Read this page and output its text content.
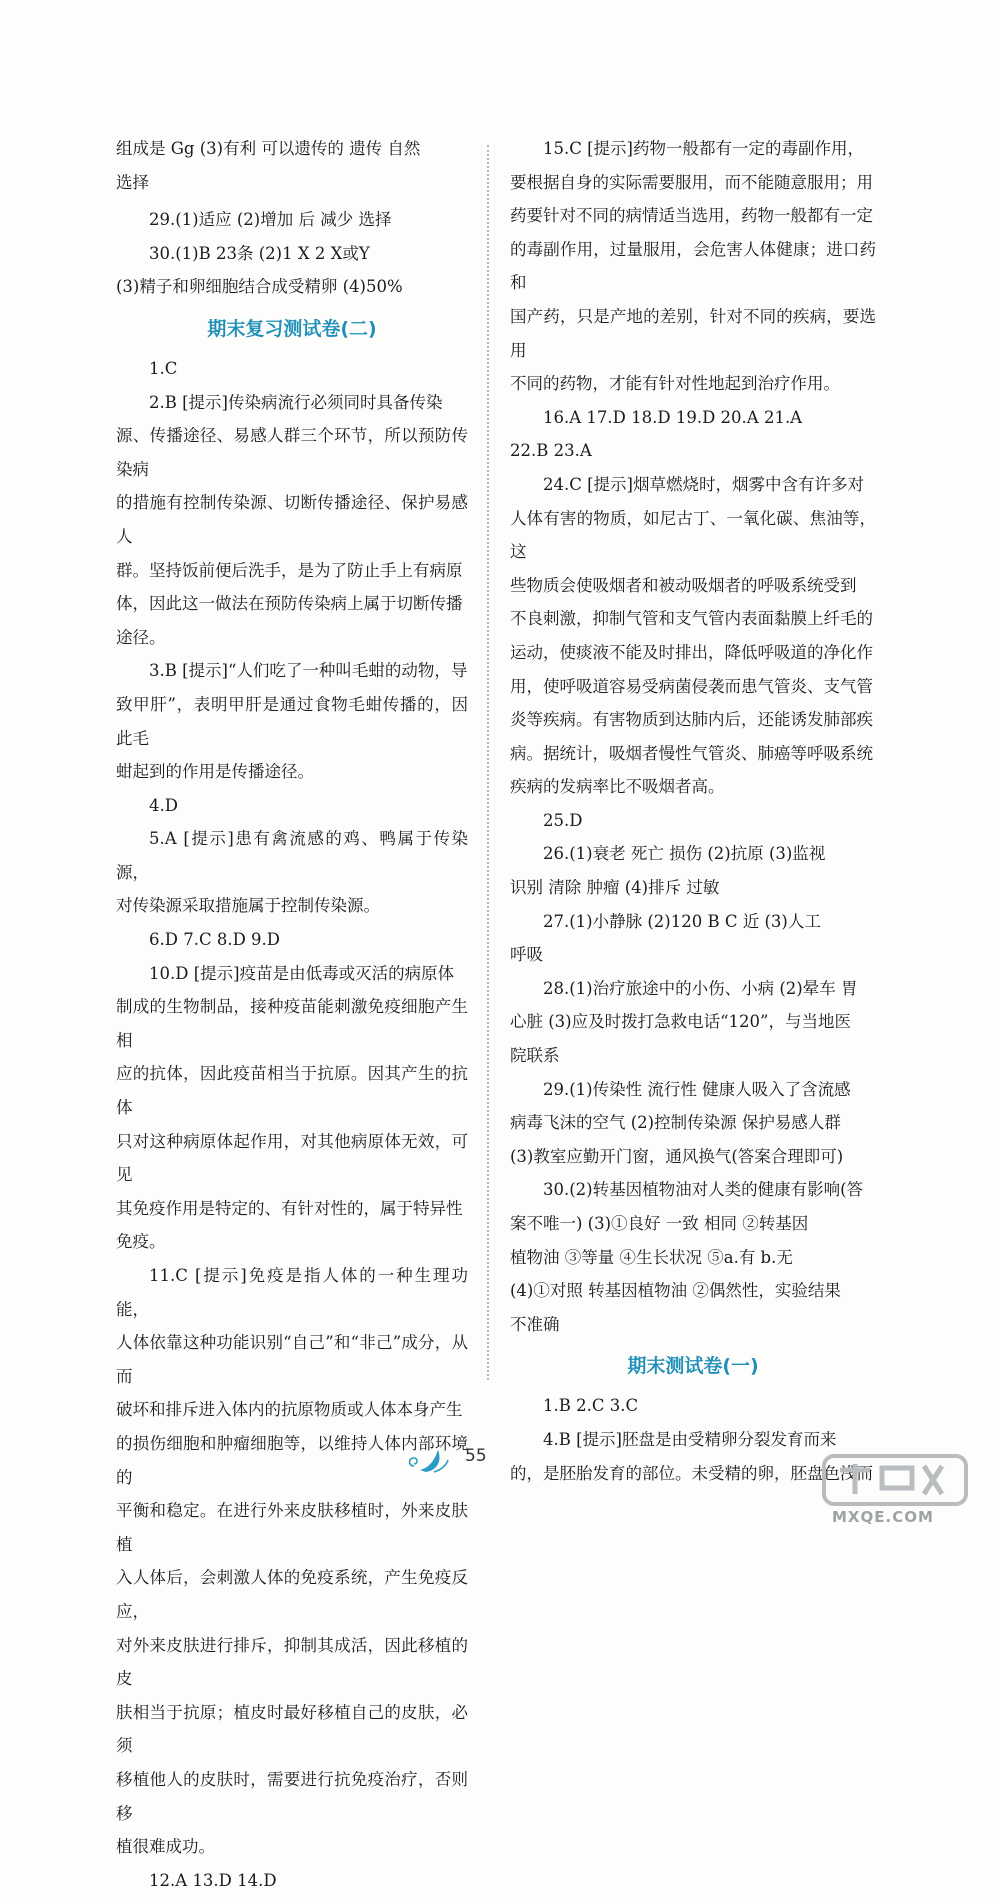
组成是 Gg (3)有利 可以遗传的 遗传 自然

选择

29.(1)适应 (2)增加 后 减少 选择

30.(1)B 23条 (2)1 X 2 X或Y

(3)精子和卵细胞结合成受精卵 (4)50%

期末复习测试卷(二)

1.C

2.B [提示]传染病流行必须同时具备传染

源、传播途径、易感人群三个环节，所以预防传染病

的措施有控制传染源、切断传播途径、保护易感人

群。坚持饭前便后洗手，是为了防止手上有病原

体，因此这一做法在预防传染病上属于切断传播

途径。

3.B [提示]“人们吃了一种叫毛蚶的动物，导

致甲肝”，表明甲肝是通过食物毛蚶传播的，因此毛

蚶起到的作用是传播途径。

4.D

5.A [提示]患有禽流感的鸡、鸭属于传染源，

对传染源采取措施属于控制传染源。

6.D 7.C 8.D 9.D

10.D [提示]疫苗是由低毒或灭活的病原体

制成的生物制品，接种疫苗能刺激免疫细胞产生相

应的抗体，因此疫苗相当于抗原。因其产生的抗体

只对这种病原体起作用，对其他病原体无效，可见

其免疫作用是特定的、有针对性的，属于特异性

免疫。

11.C [提示]免疫是指人体的一种生理功能，

人体依靠这种功能识别“自己”和“非己”成分，从而

破坏和排斥进入体内的抗原物质或人体本身产生

的损伤细胞和肿瘤细胞等，以维持人体内部环境的

平衡和稳定。在进行外来皮肤移植时，外来皮肤植

入人体后，会刺激人体的免疫系统，产生免疫反应，

对外来皮肤进行排斥，抑制其成活，因此移植的皮

肤相当于抗原；植皮时最好移植自己的皮肤，必须

移植他人的皮肤时，需要进行抗免疫治疗，否则移

植很难成功。

12.A 13.D 14.D

15.C [提示]药物一般都有一定的毒副作用，

要根据自身的实际需要服用，而不能随意服用；用

药要针对不同的病情适当选用，药物一般都有一定

的毒副作用，过量服用，会危害人体健康；进口药和

国产药，只是产地的差别，针对不同的疾病，要选用

不同的药物，才能有针对性地起到治疗作用。

16.A 17.D 18.D 19.D 20.A 21.A

22.B 23.A

24.C [提示]烟草燃烧时，烟雾中含有许多对

人体有害的物质，如尼古丁、一氧化碳、焦油等，这

些物质会使吸烟者和被动吸烟者的呼吸系统受到

不良刺激，抑制气管和支气管内表面黏膜上纤毛的

运动，使痰液不能及时排出，降低呼吸道的净化作

用，使呼吸道容易受病菌侵袭而患气管炎、支气管

炎等疾病。有害物质到达肺内后，还能诱发肺部疾

病。据统计，吸烟者慢性气管炎、肺癌等呼吸系统

疾病的发病率比不吸烟者高。

25.D

26.(1)衰老 死亡 损伤 (2)抗原 (3)监视

识别 清除 肿瘤 (4)排斥 过敏

27.(1)小静脉 (2)120 B C 近 (3)人工

呼吸

28.(1)治疗旅途中的小伤、小病 (2)晕车 胃

心脏 (3)应及时拨打急救电话“120”，与当地医

院联系

29.(1)传染性 流行性 健康人吸入了含流感

病毒飞沫的空气 (2)控制传染源 保护易感人群

(3)教室应勤开门窗，通风换气(答案合理即可)

30.(2)转基因植物油对人类的健康有影响(答

案不唯一) (3)①良好 一致 相同 ②转基因

植物油 ③等量 ④生长状况 ⑤a.有 b.无

(4)①对照 转基因植物油 ②偶然性，实验结果

不准确

期末测试卷(一)

1.B 2.C 3.C

4.B [提示]胚盘是由受精卵分裂发育而来

的，是胚胎发育的部位。未受精的卵，胚盘色浅而

55
MXQE.COM
